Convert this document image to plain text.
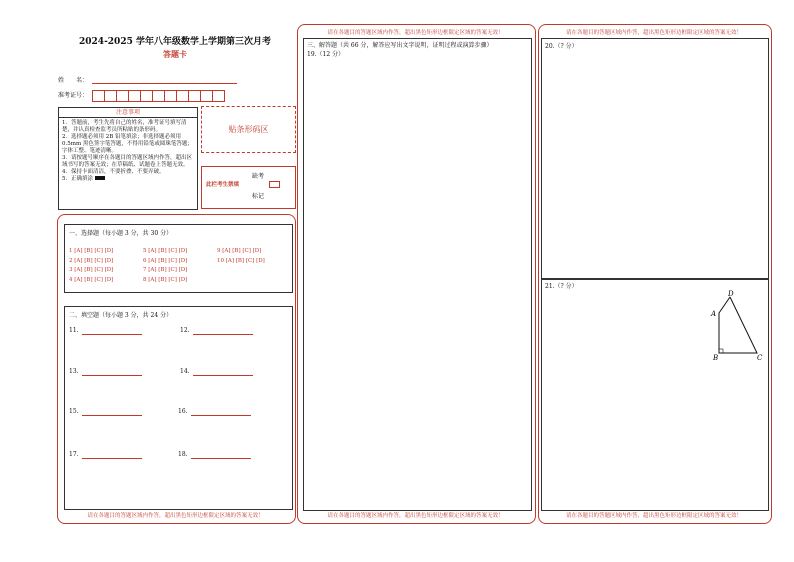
2024-2025 学年八年级数学上学期第三次月考
答题卡
姓　　名：
准考证号：
注意事项
1．答题前，考生先将自己的姓名，准考证号填写清楚，并认真检查监考员所粘贴的条形码。
2．选择题必须用 2B 铅笔填涂；非选择题必须用 0.5mm 黑色签字笔答题，不得用铅笔或圆珠笔答题；字体工整、笔迹清晰。
3．请按题号顺序在各题目的答题区域内作答，超出区域书写的答案无效；在草稿纸、试题卷上答题无效。
4．保持卡面清洁，不要折叠、不要弄破。
5．正确填涂
贴条形码区
缺考
此栏考生禁填
标记
一、选择题（每小题 3 分，共 30 分）
1 [A] [B] [C] [D]
2 [A] [B] [C] [D]
3 [A] [B] [C] [D]
4 [A] [B] [C] [D]
5 [A] [B] [C] [D]
6 [A] [B] [C] [D]
7 [A] [B] [C] [D]
8 [A] [B] [C] [D]
9 [A] [B] [C] [D]
10 [A] [B] [C] [D]
二、填空题（每小题 3 分，共 24 分）
11.	12.
13.	14.
15.	16.
17.	18.
请在各题目的答题区域内作答，超出黑色矩形边框限定区域的答案无效！
请在各题目的答题区域内作答，超出黑色矩形边框限定区域的答案无效！
三、解答题（共 66 分，解答应写出文字说明，证明过程或演算步骤）
19.（12 分）
请在各题目的答题区域内作答，超出黑色矩形边框限定区域的答案无效！
请在各题目的答题区域内作答，超出黑色矩形边框限定区域的答案无效！
20.（? 分）
21.（? 分）
D
A
B	C
请在各题目的答题区域内作答，超出黑色矩形边框限定区域的答案无效！
